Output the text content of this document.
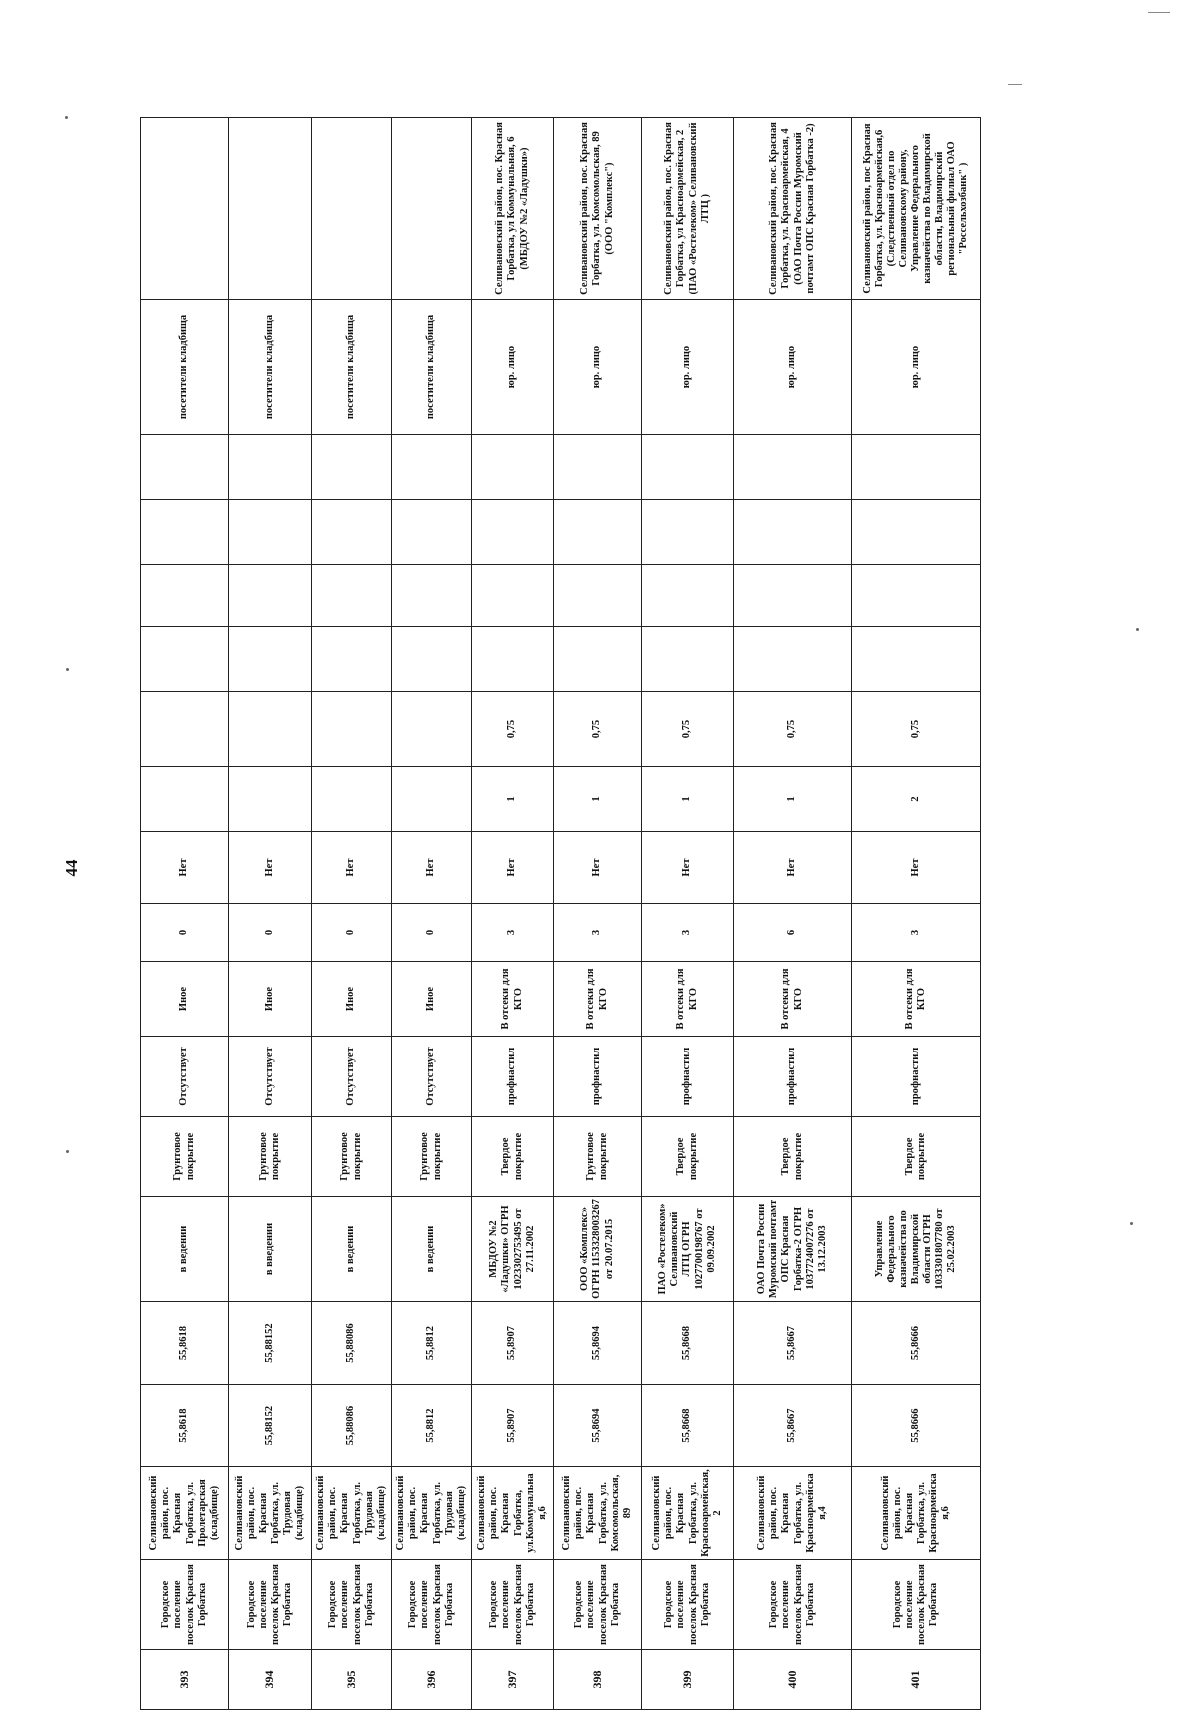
44
393	Городское поселение поселок Красная Горбатка	Селивановский район, пос. Красная Горбатка, ул. Пролетарская (кладбище)	55,8618	55,8618	в ведении	Грунтовое покрытие	Отсутствует	Иное	0	Нет							посетители кладбища	
394	Городское поселение поселок Красная Горбатка	Селивановский район, пос. Красная Горбатка, ул. Трудовая (кладбище)	55,88152	55,88152	в введении	Грунтовое покрытие	Отсутствует	Иное	0	Нет							посетители кладбища	
395	Городское поселение поселок Красная Горбатка	Селивановский район, пос. Красная Горбатка, ул. Трудовая (кладбище)	55,88086	55,88086	в ведении	Грунтовое покрытие	Отсутствует	Иное	0	Нет							посетители кладбища	
396	Городское поселение поселок Красная Горбатка	Селивановский район, пос. Красная Горбатка, ул. Трудовая (кладбище)	55,8812	55,8812	в ведении	Грунтовое покрытие	Отсутствует	Иное	0	Нет							посетители кладбища	
397	Городское поселение поселок Красная Горбатка	Селивановский район, пос. Красная Горбатка, ул.Коммунальна я,6	55,8907	55,8907	МБДОУ №2 «Ладушки» ОГРН 1023302753495 от 27.11.2002	Твердое покрытие	профнастил	В отсеки для КГО	3	Нет	1	0,75					юр. лицо	Селивановский район, пос. Красная Горбатка, ул Коммунальная, 6 (МБДОУ №2 «Ладушки»)
398	Городское поселение поселок Красная Горбатка	Селивановский район, пос. Красная Горбатка, ул. Комсомольская, 89	55,8694	55,8694	ООО «Комплекс» ОГРН 1153328003267 от 20.07.2015	Грунтовое покрытие	профнастил	В отсеки для КГО	3	Нет	1	0,75					юр. лицо	Селивановский район, пос. Красная Горбатка, ул. Комсомольская, 89 (ООО "Комплекс")
399	Городское поселение поселок Красная Горбатка	Селивановский район, пос. Красная Горбатка, ул. Красноармейская,2	55,8668	55,8668	ПАО «Ростелеком» Селивановский ЛТЦ ОГРН 1027700198767 от 09.09.2002	Твердое покрытие	профнастил	В отсеки для КГО	3	Нет	1	0,75					юр. лицо	Селивановский район, пос. Красная Горбатка, ул Красноармейская, 2 (ПАО «Ростелеком» Селивановский ЛТЦ )
400	Городское поселение поселок Красная Горбатка	Селивановский район, пос. Красная Горбатка, ул. Красноармейска я,4	55,8667	55,8667	ОАО Почта России Муромский почтамт ОПС Красная Горбатка-2 ОГРН 1037724007276 от 13.12.2003	Твердое покрытие	профнастил	В отсеки для КГО	6	Нет	1	0,75					юр. лицо	Селивановский район, пос. Красная Горбатка, ул. Красноармейская, 4 (ОАО Почта России Муромский почтамт ОПС Красная Горбатка -2)
401	Городское поселение поселок Красная Горбатка	Селивановский район, пос. Красная Горбатка, ул. Красноармейска я,6	55,8666	55,8666	Управление Федерального казначейства по Владимирской области ОГРН 1033301807780 от 25.02.2003	Твердое покрытие	профнастил	В отсеки для КГО	3	Нет	2	0,75					юр. лицо	Селивановский район, пос Красная Горбатка, ул. Красноармейская,6 (Следственный отдел по Селивановскому району, Управление Федерального казначейства по Владимирской области, Владимирский региональный филиал ОАО "Россельхозбанк" )
